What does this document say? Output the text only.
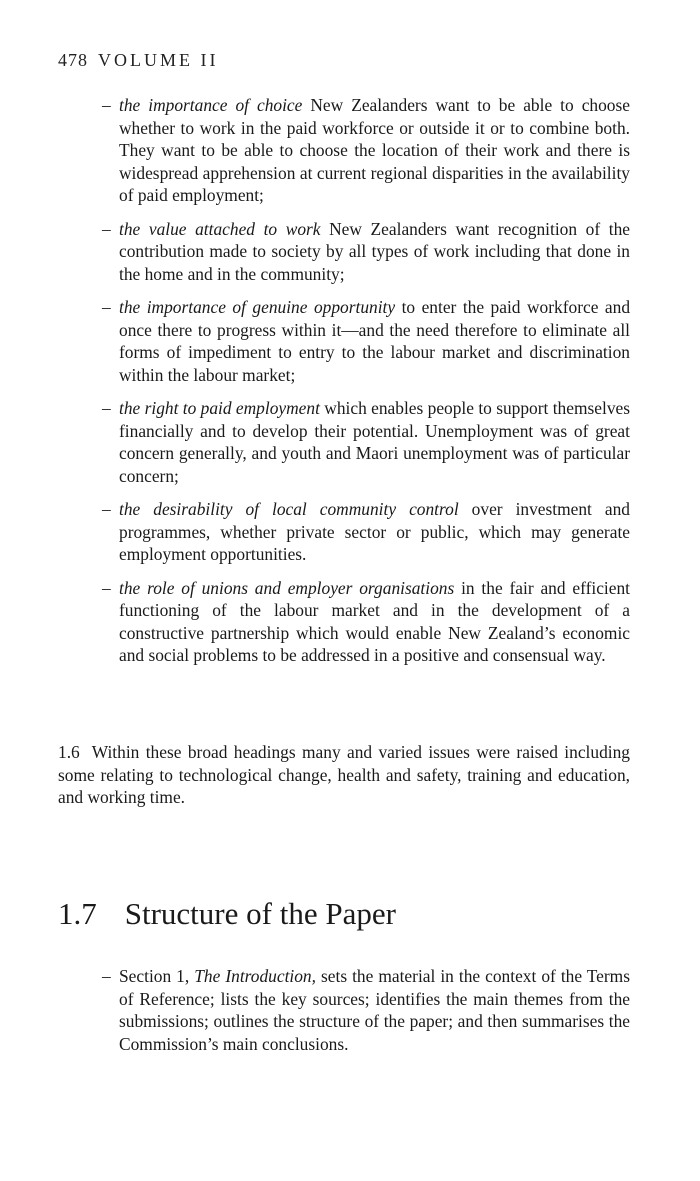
478 VOLUME II
– the importance of choice New Zealanders want to be able to choose whether to work in the paid workforce or outside it or to combine both. They want to be able to choose the location of their work and there is widespread apprehension at current regional disparities in the availability of paid employment;
– the value attached to work New Zealanders want recognition of the contribution made to society by all types of work including that done in the home and in the community;
– the importance of genuine opportunity to enter the paid workforce and once there to progress within it—and the need therefore to eliminate all forms of impediment to entry to the labour market and discrimination within the labour market;
– the right to paid employment which enables people to support themselves financially and to develop their potential. Unemployment was of great concern generally, and youth and Maori unemployment was of particular concern;
– the desirability of local community control over investment and programmes, whether private sector or public, which may generate employment opportunities.
– the role of unions and employer organisations in the fair and efficient functioning of the labour market and in the development of a constructive partnership which would enable New Zealand’s economic and social problems to be addressed in a positive and consensual way.

1.6 Within these broad headings many and varied issues were raised including some relating to technological change, health and safety, training and education, and working time.

1.7 Structure of the Paper
– Section 1, The Introduction, sets the material in the context of the Terms of Reference; lists the key sources; identifies the main themes from the submissions; outlines the structure of the paper; and then summarises the Commission’s main conclusions.
